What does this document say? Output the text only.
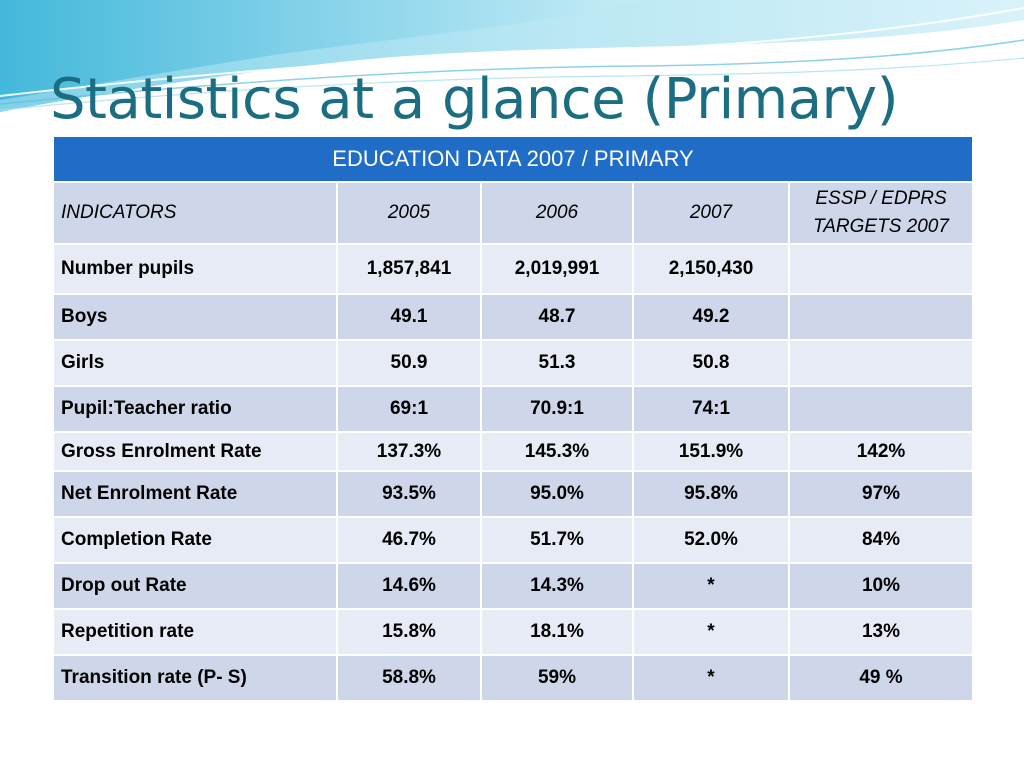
Statistics at a glance (Primary)
EDUCATION DATA 2007 / PRIMARY				
INDICATORS	2005	2006	2007	ESSP / EDPRS
TARGETS 2007
Number pupils	1,857,841	2,019,991	2,150,430	
Boys	49.1	48.7	49.2	
Girls	50.9	51.3	50.8	
Pupil:Teacher ratio	69:1	70.9:1	74:1	
Gross Enrolment Rate	137.3%	145.3%	151.9%	142%
Net Enrolment Rate	93.5%	95.0%	95.8%	97%
Completion Rate	46.7%	51.7%	52.0%	84%
Drop out Rate	14.6%	14.3%	*	10%
Repetition rate	15.8%	18.1%	*	13%
Transition rate (P- S)	58.8%	59%	*	49 %
